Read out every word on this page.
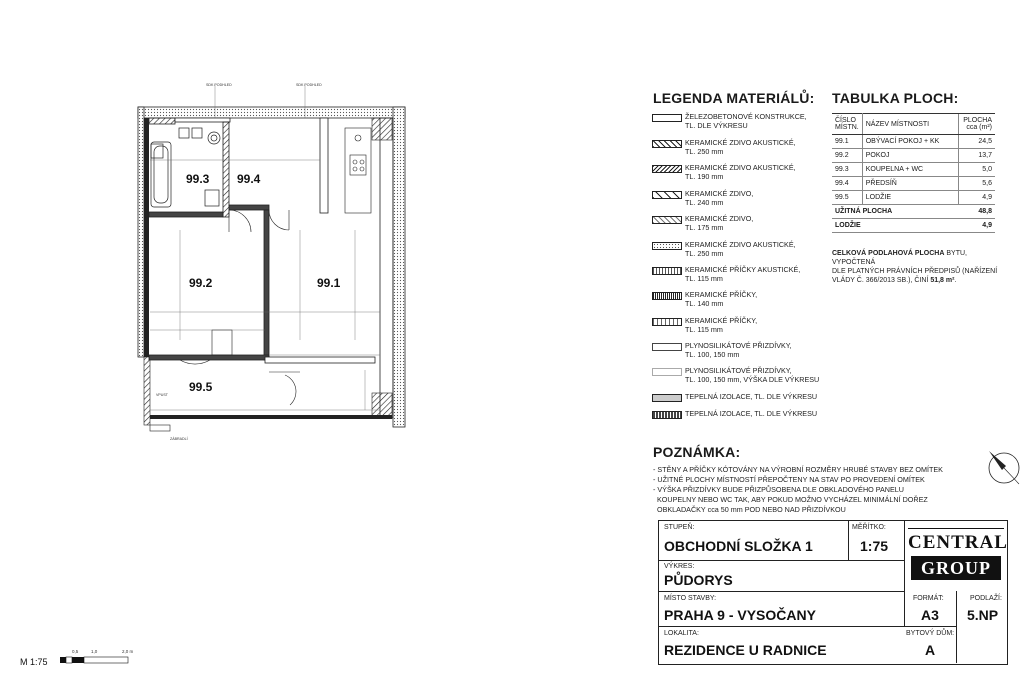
SDK PODHLED	SDK PODHLED
VPUST
ZÁBRADLÍ
99.3 99.4
99.2	99.1
99.5
M 1:75
0,5	1,0	2,0 m
LEGENDA MATERIÁLŮ:
ŽELEZOBETONOVÉ KONSTRUKCE,
TL. DLE VÝKRESU
KERAMICKÉ ZDIVO AKUSTICKÉ,
TL. 250 mm
KERAMICKÉ ZDIVO AKUSTICKÉ,
TL. 190 mm
KERAMICKÉ ZDIVO,
TL. 240 mm
KERAMICKÉ ZDIVO,
TL. 175 mm
KERAMICKÉ ZDIVO AKUSTICKÉ,
TL. 250 mm
KERAMICKÉ PŘÍČKY AKUSTICKÉ,
TL. 115 mm
KERAMICKÉ PŘÍČKY,
TL. 140 mm
KERAMICKÉ PŘÍČKY,
TL. 115 mm
PLYNOSILIKÁTOVÉ PŘIZDÍVKY,
TL. 100, 150 mm
PLYNOSILIKÁTOVÉ PŘIZDÍVKY,
TL. 100, 150 mm, VÝŠKA DLE VÝKRESU
TEPELNÁ IZOLACE, TL. DLE VÝKRESU
TEPELNÁ IZOLACE, TL. DLE VÝKRESU
TABULKA PLOCH:
ČÍSLO
MÍSTN.	NÁZEV MÍSTNOSTI	PLOCHA
cca (m²)
99.1	OBÝVACÍ POKOJ + KK	24,5
99.2	POKOJ	13,7
99.3	KOUPELNA + WC	5,0
99.4	PŘEDSÍŇ	5,6
99.5	LODŽIE	4,9
UŽITNÁ PLOCHA		48,8
LODŽIE		4,9
CELKOVÁ PODLAHOVÁ PLOCHA BYTU, VYPOČTENÁ
DLE PLATNÝCH PRÁVNÍCH PŘEDPISŮ (NAŘÍZENÍ
VLÁDY Č. 366/2013 SB.), ČINÍ 51,8 m².
POZNÁMKA:
- STĚNY A PŘÍČKY KÓTOVÁNY NA VÝROBNÍ ROZMĚRY HRUBÉ STAVBY BEZ OMÍTEK
- UŽITNÉ PLOCHY MÍSTNOSTÍ PŘEPOČTENY NA STAV PO PROVEDENÍ OMÍTEK
- VÝŠKA PŘIZDÍVKY BUDE PŘIZPŮSOBENA DLE OBKLADOVÉHO PANELU
KOUPELNY NEBO WC TAK, ABY POKUD MOŽNO VYCHÁZEL MINIMÁLNÍ DOŘEZ
OBKLADAČKY cca 50 mm POD NEBO NAD PŘIZDÍVKOU
STUPEŇ:
OBCHODNÍ SLOŽKA 1
MĚŘÍTKO:
1:75
VÝKRES:
PŮDORYS
MÍSTO STAVBY:
PRAHA 9 - VYSOČANY
FORMÁT:
A3
PODLAŽÍ:
5.NP
LOKALITA:
REZIDENCE U RADNICE
BYTOVÝ DŮM:
A
CENTRAL
GROUP
